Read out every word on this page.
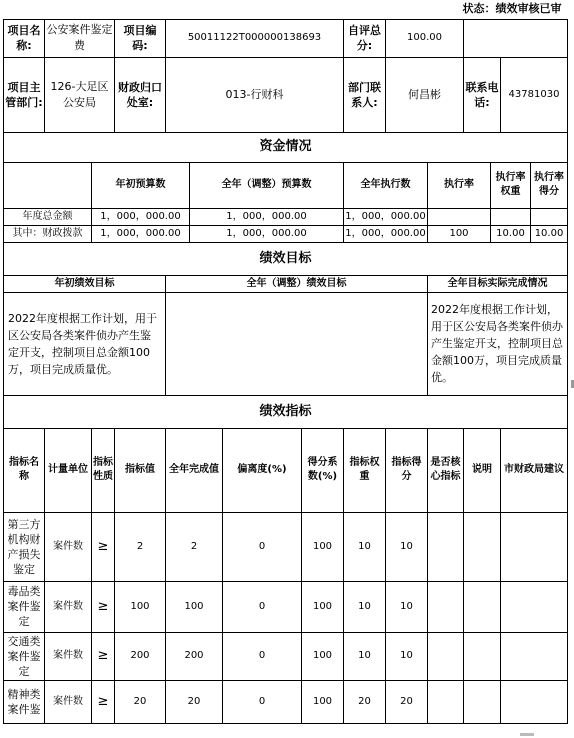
状态：绩效审核已审														
项目名称:	公安案件鉴定费		项目编码:	50011122T000000138693				自评总分:	100.00					
项目主管部门:	126-大足区公安局		财政归口处室:	013-行财科				部门联系人:	何昌彬		联系电话:		43781030	
资金情况														
		年初预算数			全年（调整）预算数			全年执行数		执行率		执行率权重		执行率得分
年度总金额		1，000，000.00			1，000，000.00			1，000，000.00						
其中：财政拨款		1，000，000.00			1，000，000.00			1，000，000.00		100		10.00		10.00
绩效目标														
年初绩效目标				全年（调整）绩效目标						全年目标实际完成情况				
2022年度根据工作计划，用于区公安局各类案件侦办产生鉴定开支，控制项目总金额100万，项目完成质量优。										2022年度根据工作计划，用于区公安局各类案件侦办产生鉴定开支，控制项目总金额100万，项目完成质量优。				
绩效指标														
指标名称	计量单位	指标性质	指标值	全年完成值		偏离度(%)	得分系数(%)	指标权重	指标得分	是否核心指标	说明		市财政局建议	
第三方机构财产损失鉴定	案件数	≥	2	2		0	100	10	10					
毒品类案件鉴定	案件数	≥	100	100		0	100	10	10					
交通类案件鉴定	案件数	≥	200	200		0	100	10	10					
精神类案件鉴	案件数	≥	20	20		0	100	20	20					
